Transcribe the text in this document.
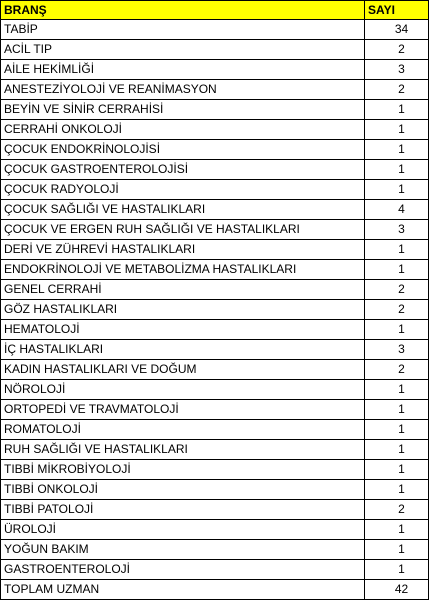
BRANŞ	SAYI
TABİP	34
ACİL TIP	2
AİLE HEKİMLİĞİ	3
ANESTEZİYOLOJİ VE REANİMASYON	2
BEYİN VE SİNİR CERRAHİSİ	1
CERRAHİ ONKOLOJİ	1
ÇOCUK ENDOKRİNOLOJİSİ	1
ÇOCUK GASTROENTEROLOJİSİ	1
ÇOCUK RADYOLOJİ	1
ÇOCUK SAĞLIĞI VE HASTALIKLARI	4
ÇOCUK VE ERGEN RUH SAĞLIĞI VE HASTALIKLARI	3
DERİ VE ZÜHREVİ HASTALIKLARI	1
ENDOKRİNOLOJİ VE METABOLİZMA HASTALIKLARI	1
GENEL CERRAHİ	2
GÖZ HASTALIKLARI	2
HEMATOLOJİ	1
İÇ HASTALIKLARI	3
KADIN HASTALIKLARI VE DOĞUM	2
NÖROLOJİ	1
ORTOPEDİ VE TRAVMATOLOJİ	1
ROMATOLOJİ	1
RUH SAĞLIĞI VE HASTALIKLARI	1
TIBBİ MİKROBİYOLOJİ	1
TIBBİ ONKOLOJİ	1
TIBBİ PATOLOJİ	2
ÜROLOJİ	1
YOĞUN BAKIM	1
GASTROENTEROLOJİ	1
TOPLAM UZMAN	42
